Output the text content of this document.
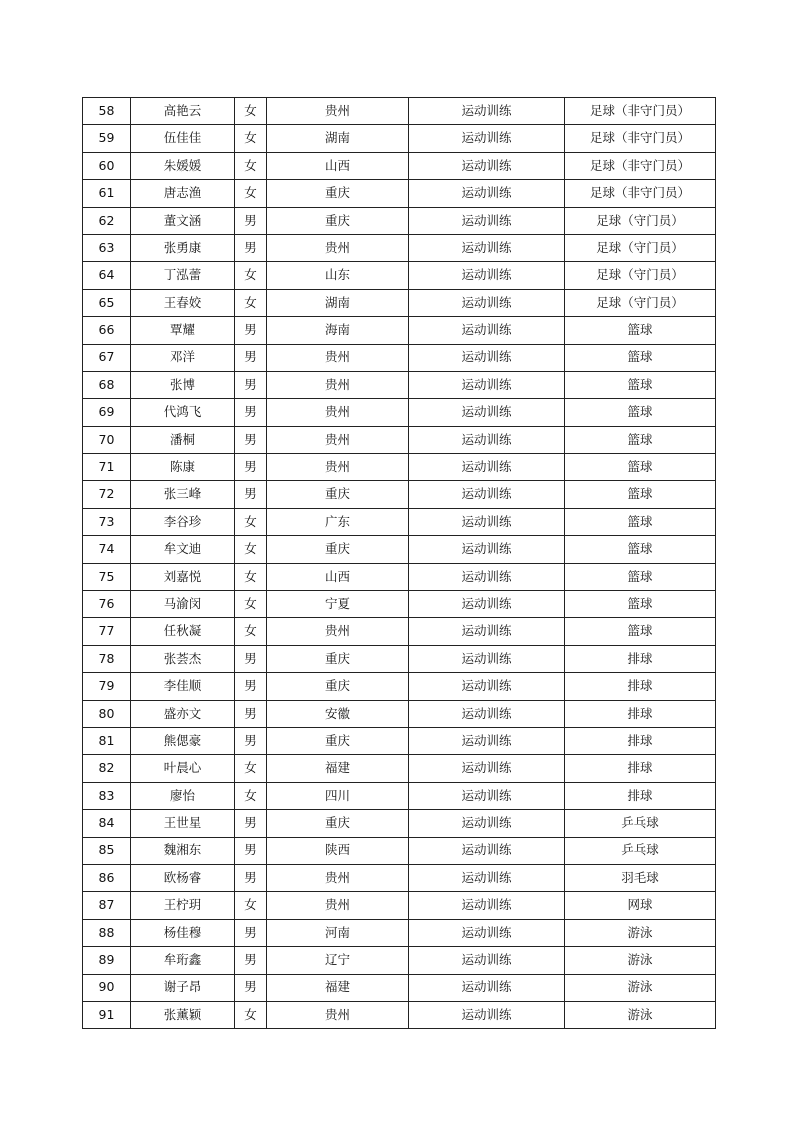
58	高艳云	女	贵州	运动训练	足球（非守门员）
59	伍佳佳	女	湖南	运动训练	足球（非守门员）
60	朱媛媛	女	山西	运动训练	足球（非守门员）
61	唐志渔	女	重庆	运动训练	足球（非守门员）
62	董文涵	男	重庆	运动训练	足球（守门员）
63	张勇康	男	贵州	运动训练	足球（守门员）
64	丁泓蕾	女	山东	运动训练	足球（守门员）
65	王春姣	女	湖南	运动训练	足球（守门员）
66	覃耀	男	海南	运动训练	篮球
67	邓洋	男	贵州	运动训练	篮球
68	张博	男	贵州	运动训练	篮球
69	代鸿飞	男	贵州	运动训练	篮球
70	潘桐	男	贵州	运动训练	篮球
71	陈康	男	贵州	运动训练	篮球
72	张三峰	男	重庆	运动训练	篮球
73	李谷珍	女	广东	运动训练	篮球
74	牟文迪	女	重庆	运动训练	篮球
75	刘嘉悦	女	山西	运动训练	篮球
76	马渝闵	女	宁夏	运动训练	篮球
77	任秋凝	女	贵州	运动训练	篮球
78	张荟杰	男	重庆	运动训练	排球
79	李佳顺	男	重庆	运动训练	排球
80	盛亦文	男	安徽	运动训练	排球
81	熊偲豪	男	重庆	运动训练	排球
82	叶晨心	女	福建	运动训练	排球
83	廖怡	女	四川	运动训练	排球
84	王世星	男	重庆	运动训练	乒乓球
85	魏湘东	男	陕西	运动训练	乒乓球
86	欧杨睿	男	贵州	运动训练	羽毛球
87	王柠玥	女	贵州	运动训练	网球
88	杨佳穆	男	河南	运动训练	游泳
89	牟珩鑫	男	辽宁	运动训练	游泳
90	谢子昂	男	福建	运动训练	游泳
91	张薰颖	女	贵州	运动训练	游泳
